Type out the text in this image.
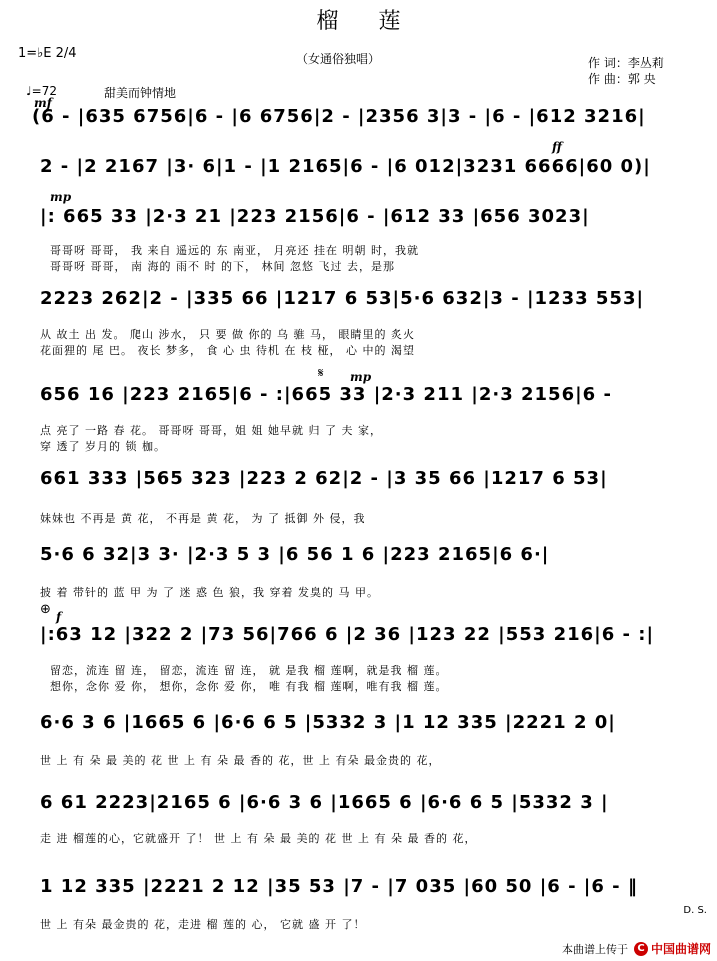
榴莲
（女通俗独唱）	作 词：李丛莉
作 曲：郭 央
1=♭E 2/4
♩=72	甜美而钟情地
mf
ff
mp
mp
f
𝄋
⊕
(6 - |635 6756|6 - |6 6756|2 - |2356 3|3 - |6 - |612 3216|
2 - |2 2167 |3· 6|1 - |1 2165|6 - |6 012|3231 6666|60 0)|
|: 665 33 |2·3 21 |223 2156|6 - |612 33 |656 3023|
哥哥呀 哥哥， 我 来自 遥远的 东 南亚， 月亮还 挂在 明朝 时，我就
哥哥呀 哥哥， 南 海的 雨不 时 的下， 林间 忽悠 飞过 去，是那
2223 262|2 - |335 66 |1217 6 53|5·6 632|3 - |1233 553|
从 故土 出 发。 爬山 涉水， 只 要 做 你的 乌 骓 马， 眼睛里的 炙火
花面狸的 尾 巴。 夜长 梦多， 食 心 虫 待机 在 枝 桠， 心 中的 渴望
656 16 |223 2165|6 - :|665 33 |2·3 211 |2·3 2156|6 -
点 亮了 一路 春 花。 哥哥呀 哥哥，姐 姐 她早就 归 了 夫 家，
穿 透了 岁月的 锁 枷。
661 333 |565 323 |223 2 62|2 - |3 35 66 |1217 6 53|
妹妹也 不再是 黄 花， 不再是 黄 花， 为 了 抵御 外 侵，我
5·6 6 32|3 3· |2·3 5 3 |6 56 1 6 |223 2165|6 6·|
披 着 带针的 蓝 甲 为 了 迷 惑 色 狼，我 穿着 发臭的 马 甲。
|:63 12 |322 2 |73 56|766 6 |2 36 |123 22 |553 216|6 - :|
留恋，流连 留 连， 留恋，流连 留 连， 就 是我 榴 莲啊，就是我 榴 莲。
想你，念你 爱 你， 想你，念你 爱 你， 唯 有我 榴 莲啊，唯有我 榴 莲。
6·6 3 6 |1665 6 |6·6 6 5 |5332 3 |1 12 335 |2221 2 0|
世 上 有 朵 最 美的 花 世 上 有 朵 最 香的 花，世 上 有朵 最金贵的 花，
6 61 2223|2165 6 |6·6 3 6 |1665 6 |6·6 6 5 |5332 3 |
走 进 榴莲的心，它就盛开 了！ 世 上 有 朵 最 美的 花 世 上 有 朵 最 香的 花，
1 12 335 |2221 2 12 |35 53 |7 - |7 035 |60 50 |6 - |6 - ‖
世 上 有朵 最金贵的 花，走进 榴 莲的 心， 它就 盛 开 了！
D. S.
本曲谱上传于 C 中国曲谱网
